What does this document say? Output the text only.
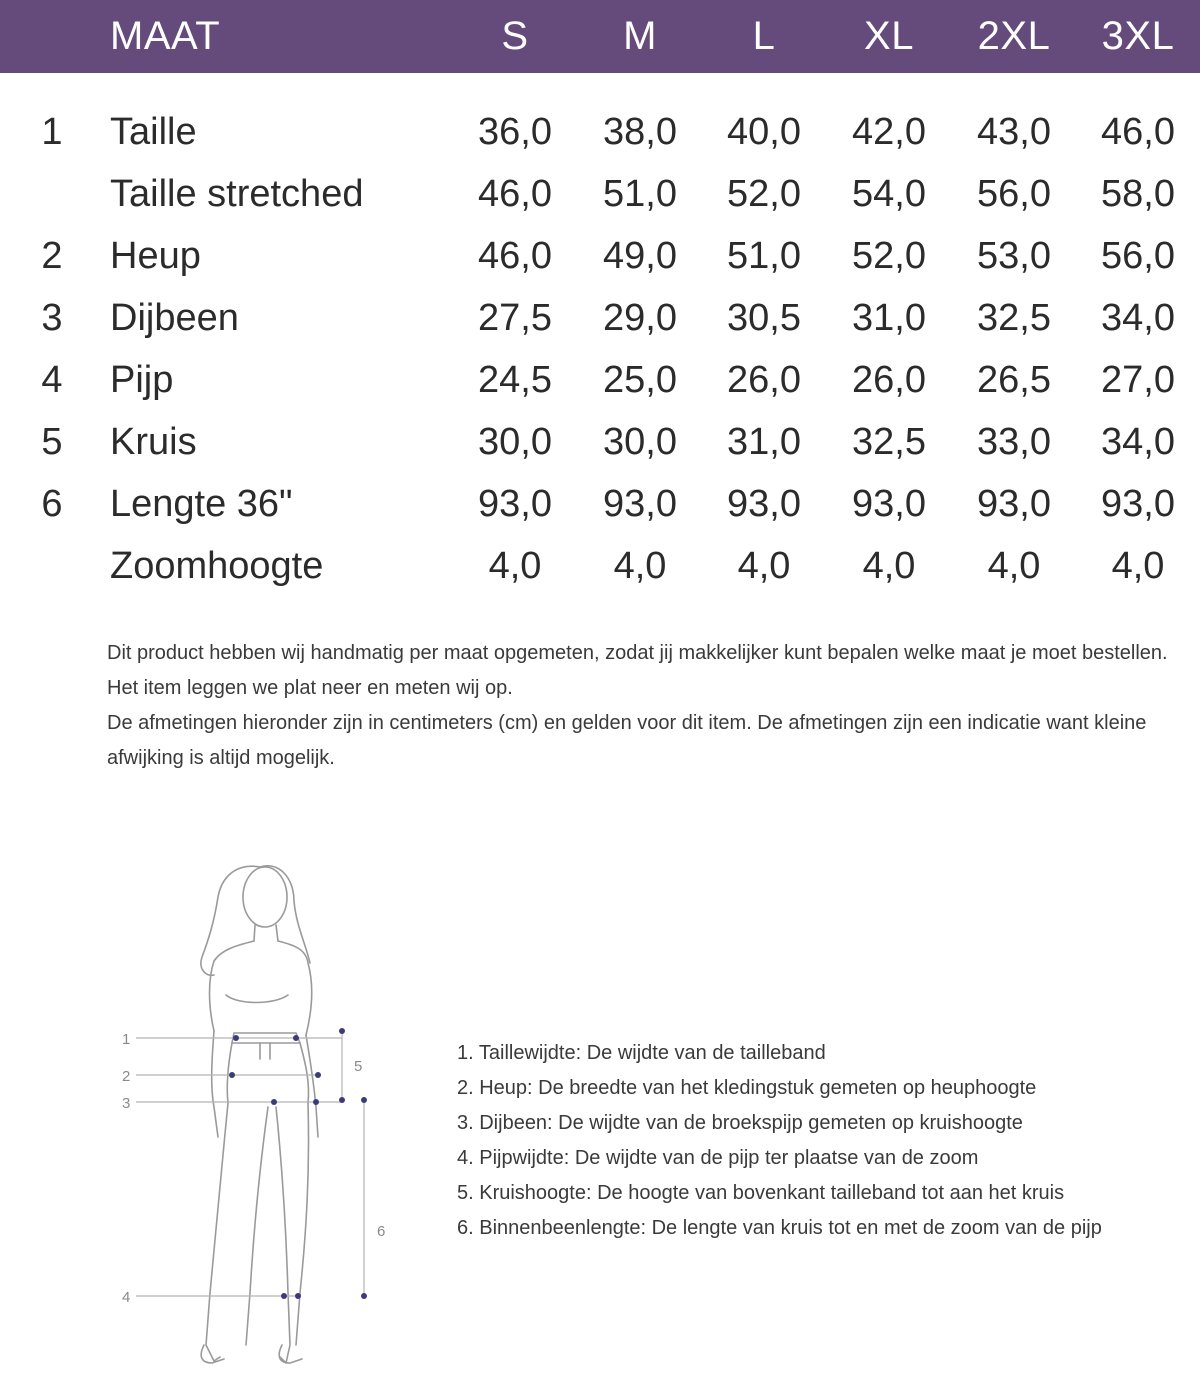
MAAT	S M L XL 2XL 3XL
1 Taille	36,0 38,0 40,0 42,0 43,0 46,0
Taille stretched	46,0 51,0 52,0 54,0 56,0 58,0
2 Heup	46,0 49,0 51,0 52,0 53,0 56,0
3 Dijbeen	27,5 29,0 30,5 31,0 32,5 34,0
4 Pijp	24,5 25,0 26,0 26,0 26,5 27,0
5 Kruis	30,0 30,0 31,0 32,5 33,0 34,0
6 Lengte 36"	93,0 93,0 93,0 93,0 93,0 93,0
Zoomhoogte	4,0 4,0 4,0 4,0 4,0 4,0

Dit product hebben wij handmatig per maat opgemeten, zodat jij makkelijker kunt bepalen welke maat je moet bestellen.

Het item leggen we plat neer en meten wij op.

De afmetingen hieronder zijn in centimeters (cm) en gelden voor dit item. De afmetingen zijn een indicatie want kleine afwijking is altijd mogelijk.

1
2
3
4
5
6
1. Taillewijdte: De wijdte van de tailleband
2. Heup: De breedte van het kledingstuk gemeten op heuphoogte
3. Dijbeen: De wijdte van de broekspijp gemeten op kruishoogte
4. Pijpwijdte: De wijdte van de pijp ter plaatse van de zoom
5. Kruishoogte: De hoogte van bovenkant tailleband tot aan het kruis
6. Binnenbeenlengte: De lengte van kruis tot en met de zoom van de pijp
